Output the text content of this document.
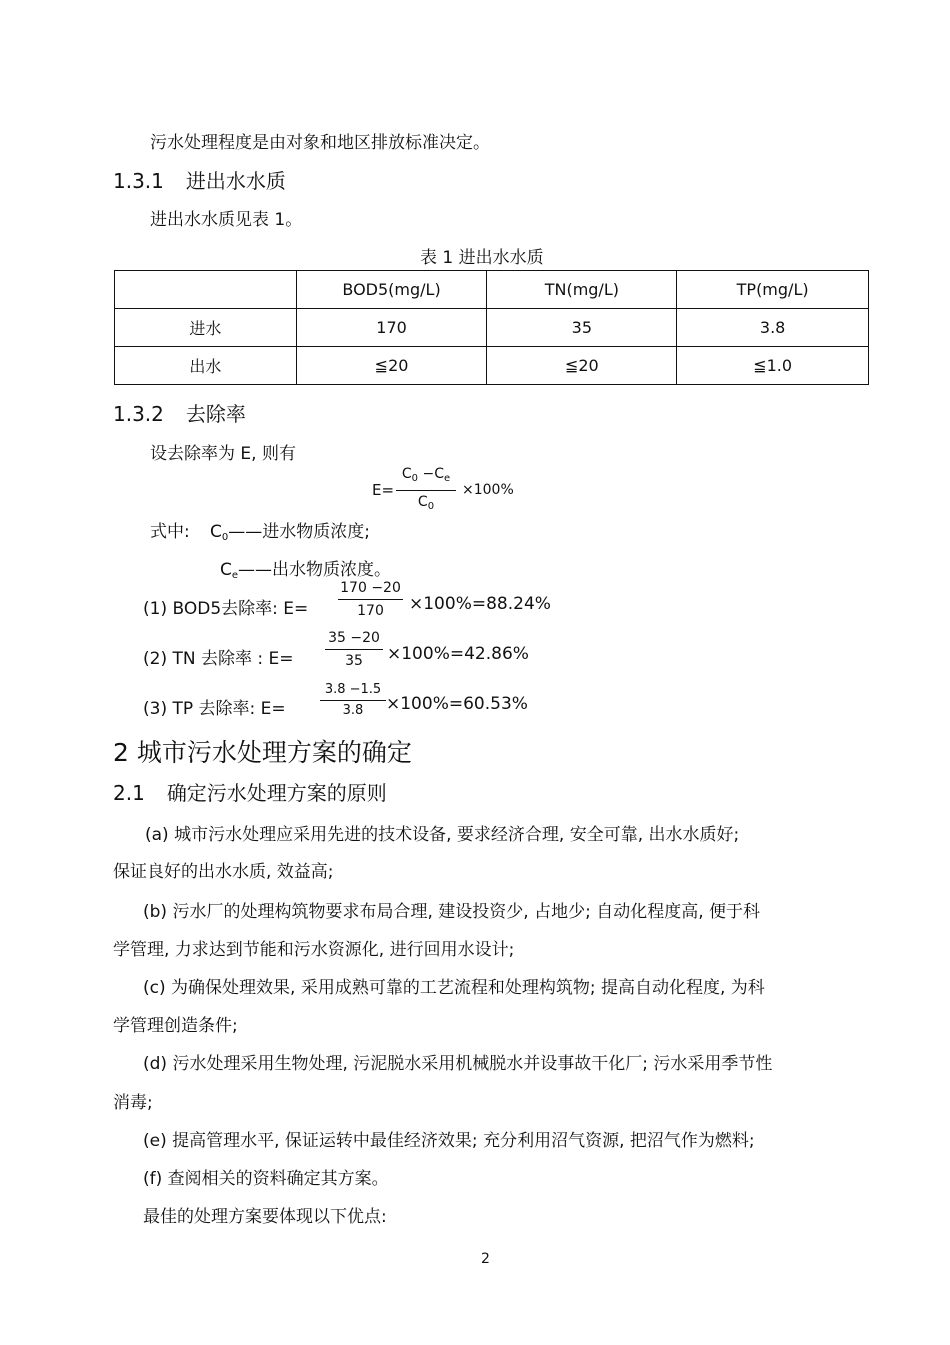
污水处理程度是由对象和地区排放标准决定。
1.3.1 进出水水质
进出水水质见表 1。
表 1 进出水水质
	BOD5(mg/L)	TN(mg/L)	TP(mg/L)
进水	170	35	3.8
出水	≦20	≦20	≦1.0
1.3.2 去除率
设去除率为 E, 则有
E=
$C_0 -C_e$
$C_0$
×100%
式中: $C_0——$进水物质浓度;
$C_e——$出水物质浓度。
(1) BOD5去除率: E=
170 −20
170	×100%=88.24%
(2) TN 去除率 : E=
35 −20
35	×100%=42.86%
(3) TP 去除率: E=
3.8 −1.5
3.8	×100%=60.53%
2 城市污水处理方案的确定
2.1 确定污水处理方案的原则
(a) 城市污水处理应采用先进的技术设备, 要求经济合理, 安全可靠, 出水水质好;
保证良好的出水水质, 效益高;
(b) 污水厂的处理构筑物要求布局合理, 建设投资少, 占地少; 自动化程度高, 便于科
学管理, 力求达到节能和污水资源化, 进行回用水设计;
(c) 为确保处理效果, 采用成熟可靠的工艺流程和处理构筑物; 提高自动化程度, 为科
学管理创造条件;
(d) 污水处理采用生物处理, 污泥脱水采用机械脱水并设事故干化厂; 污水采用季节性
消毒;
(e) 提高管理水平, 保证运转中最佳经济效果; 充分利用沼气资源, 把沼气作为燃料;
(f) 查阅相关的资料确定其方案。
最佳的处理方案要体现以下优点:
2
